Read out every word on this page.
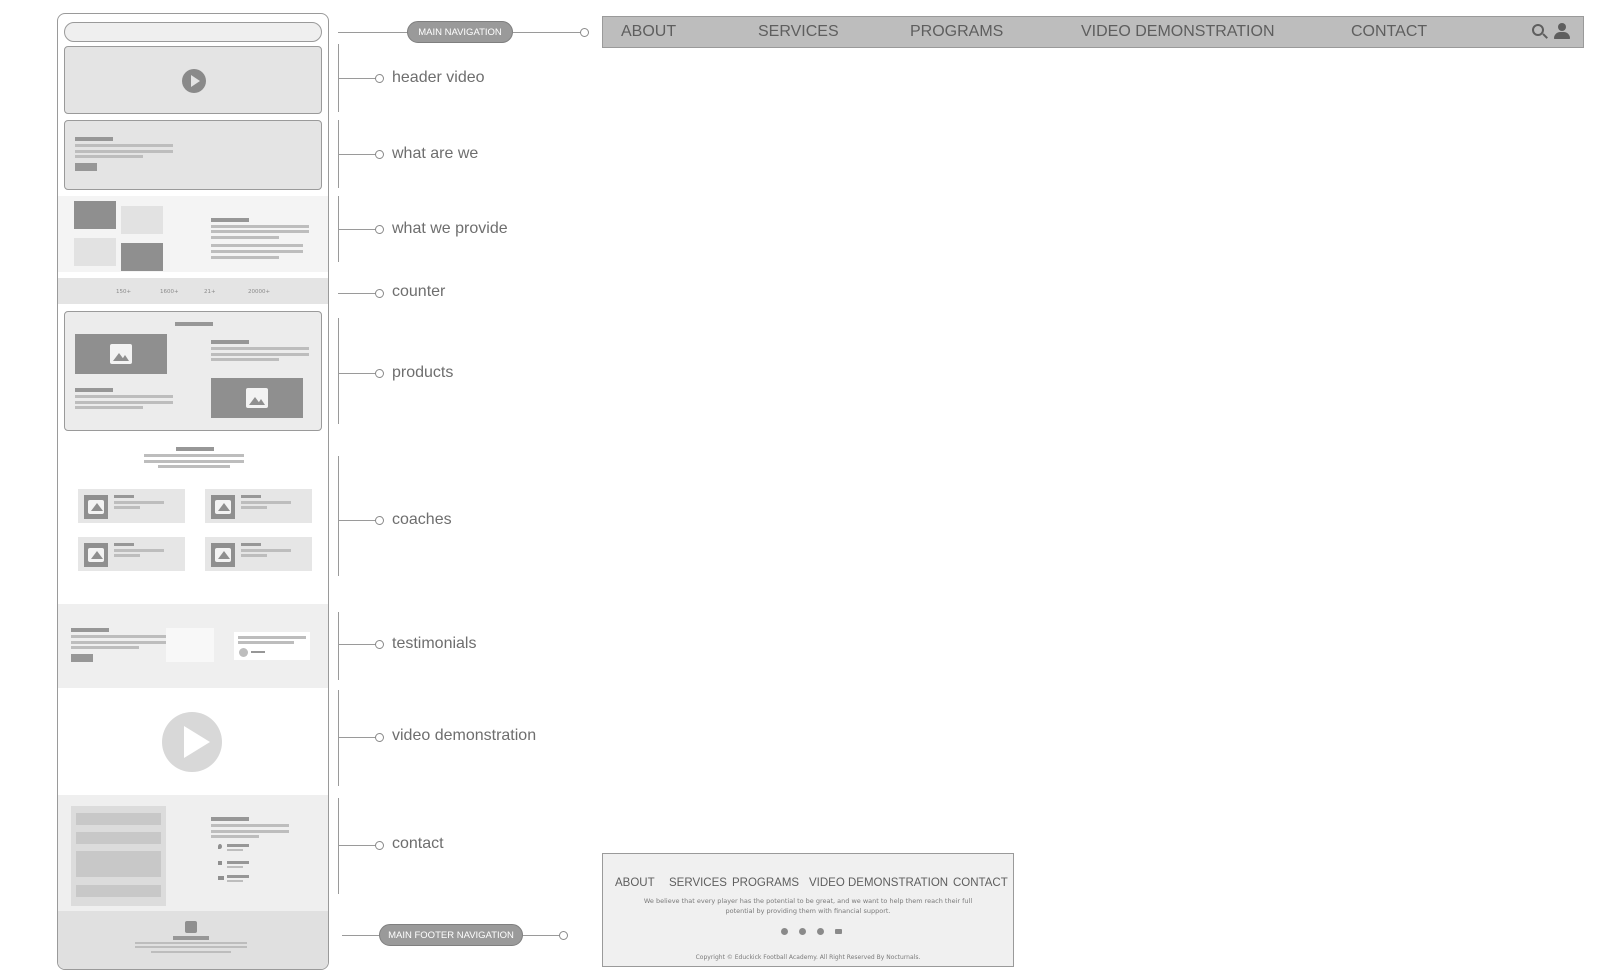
150+	1600+	21+	20000+
MAIN NAVIGATION
header video
what are we
what we provide
counter
products
coaches
testimonials
video demonstration
contact
MAIN FOOTER NAVIGATION
ABOUT	SERVICES	PROGRAMS	VIDEO DEMONSTRATION	CONTACT
ABOUT SERVICES PROGRAMS VIDEO DEMONSTRATION CONTACT
We believe that every player has the potential to be great, and we want to help them reach their full potential by providing them with financial support.
Copyright © Educkick Football Academy. All Right Reserved By Nocturnals.
